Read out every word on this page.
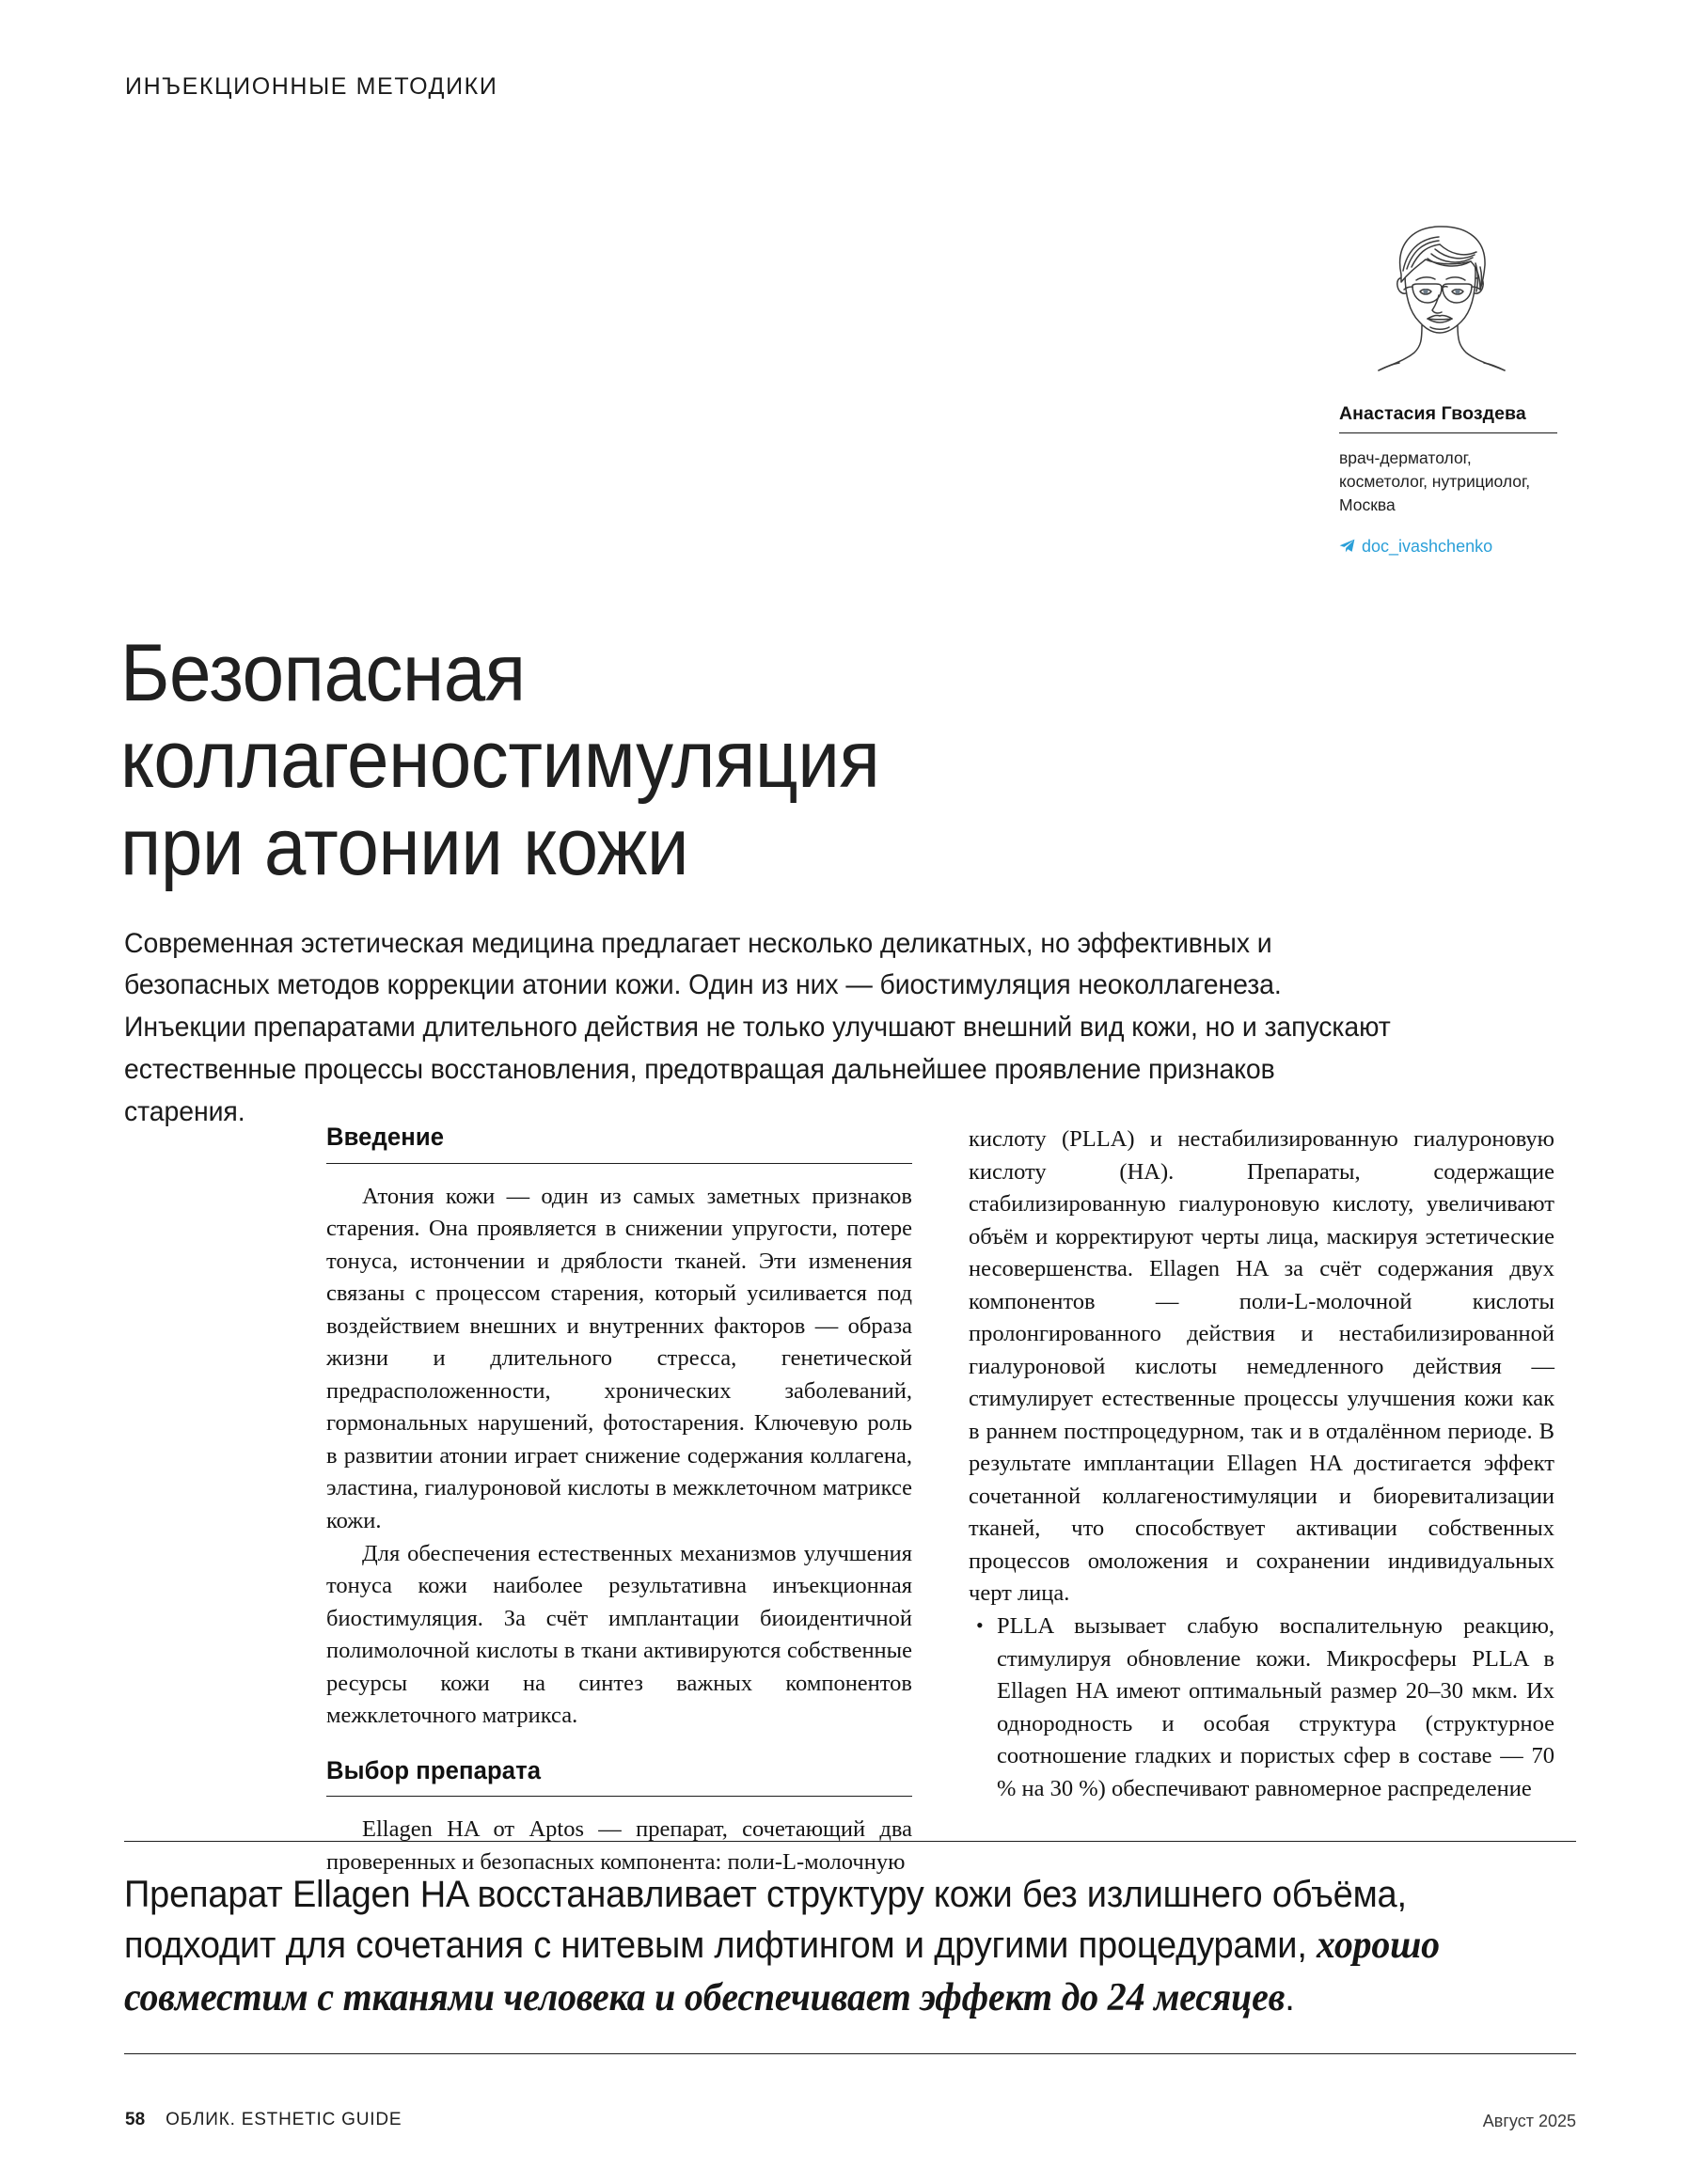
ИНЪЕКЦИОННЫЕ МЕТОДИКИ
Анастасия Гвоздева
врач-дерматолог,
косметолог, нутрициолог,
Москва
doc_ivashchenko
Безопасная
коллагеностимуляция
при атонии кожи

Современная эстетическая медицина предлагает несколько деликатных, но эффективных и безопасных методов коррекции атонии кожи. Один из них — биостимуляция неоколлагенеза. Инъекции препаратами длительного действия не только улучшают внешний вид кожи, но и запускают естественные процессы восстановления, предотвращая дальнейшее проявление признаков старения.

Введение

Атония кожи — один из самых заметных признаков старения. Она проявляется в снижении упругости, потере тонуса, истончении и дряблости тканей. Эти изменения связаны с процессом старения, который усиливается под воздействием внешних и внутренних факторов — образа жизни и длительного стресса, генетической предрасположенности, хронических заболеваний, гормональных нарушений, фотостарения. Ключевую роль в развитии атонии играет снижение содержания коллагена, эластина, гиалуроновой кислоты в межклеточном матриксе кожи.

Для обеспечения естественных механизмов улучшения тонуса кожи наиболее результативна инъекционная биостимуляция. За счёт имплантации биоидентичной полимолочной кислоты в ткани активируются собственные ресурсы кожи на синтез важных компонентов межклеточного матрикса.

Выбор препарата

Ellagen HA от Aptos — препарат, сочетающий два проверенных и безопасных компонента: поли-L-молочную

кислоту (PLLA) и нестабилизированную гиалуроновую кислоту (HA). Препараты, содержащие стабилизированную гиалуроновую кислоту, увеличивают объём и корректируют черты лица, маскируя эстетические несовершенства. Ellagen HA за счёт содержания двух компонентов — поли-L-молочной кислоты пролонгированного действия и нестабилизированной гиалуроновой кислоты немедленного действия — стимулирует естественные процессы улучшения кожи как в раннем постпроцедурном, так и в отдалённом периоде. В результате имплантации Ellagen HA достигается эффект сочетанной коллагеностимуляции и биоревитализации тканей, что способствует активации собственных процессов омоложения и сохранении индивидуальных черт лица.

• PLLA вызывает слабую воспалительную реакцию, стимулируя обновление кожи. Микросферы PLLA в Ellagen HA имеют оптимальный размер 20–30 мкм. Их однородность и особая структура (структурное соотношение гладких и пористых сфер в составе — 70 % на 30 %) обеспечивают равномерное распределение
Препарат Ellagen HA восстанавливает структуру кожи без излишнего объёма, подходит для сочетания с нитевым лифтингом и другими процедурами, хорошо совместим с тканями человека и обеспечивает эффект до 24 месяцев.
58 ОБЛИК. ESTHETIC GUIDE	Август 2025
